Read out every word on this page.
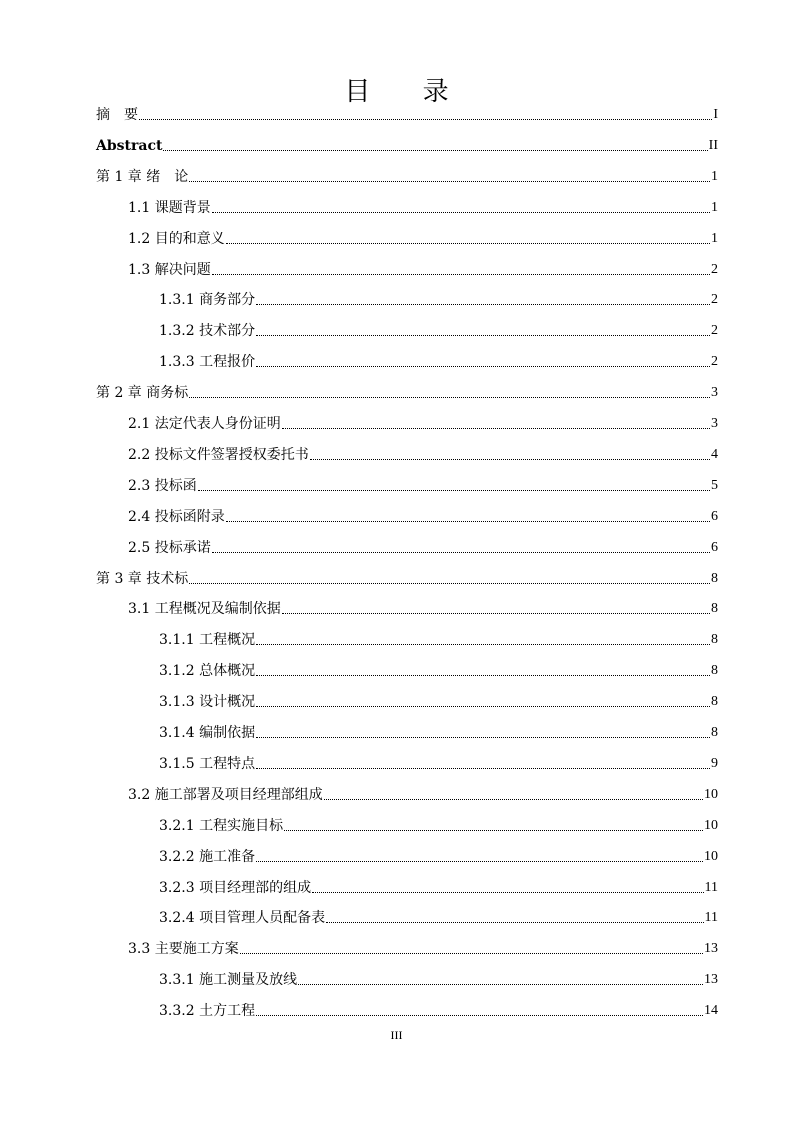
目 录
摘　要	I
Abstract	II
第 1 章 绪　论	1
1.1 课题背景	1
1.2 目的和意义	1
1.3 解决问题	2
1.3.1 商务部分	2
1.3.2 技术部分	2
1.3.3 工程报价	2
第 2 章 商务标	3
2.1 法定代表人身份证明	3
2.2 投标文件签署授权委托书	4
2.3 投标函	5
2.4 投标函附录	6
2.5 投标承诺	6
第 3 章 技术标	8
3.1 工程概况及编制依据	8
3.1.1 工程概况	8
3.1.2 总体概况	8
3.1.3 设计概况	8
3.1.4 编制依据	8
3.1.5 工程特点	9
3.2 施工部署及项目经理部组成	10
3.2.1 工程实施目标	10
3.2.2 施工准备	10
3.2.3 项目经理部的组成	11
3.2.4 项目管理人员配备表	11
3.3 主要施工方案	13
3.3.1 施工测量及放线	13
3.3.2 土方工程	14
III
